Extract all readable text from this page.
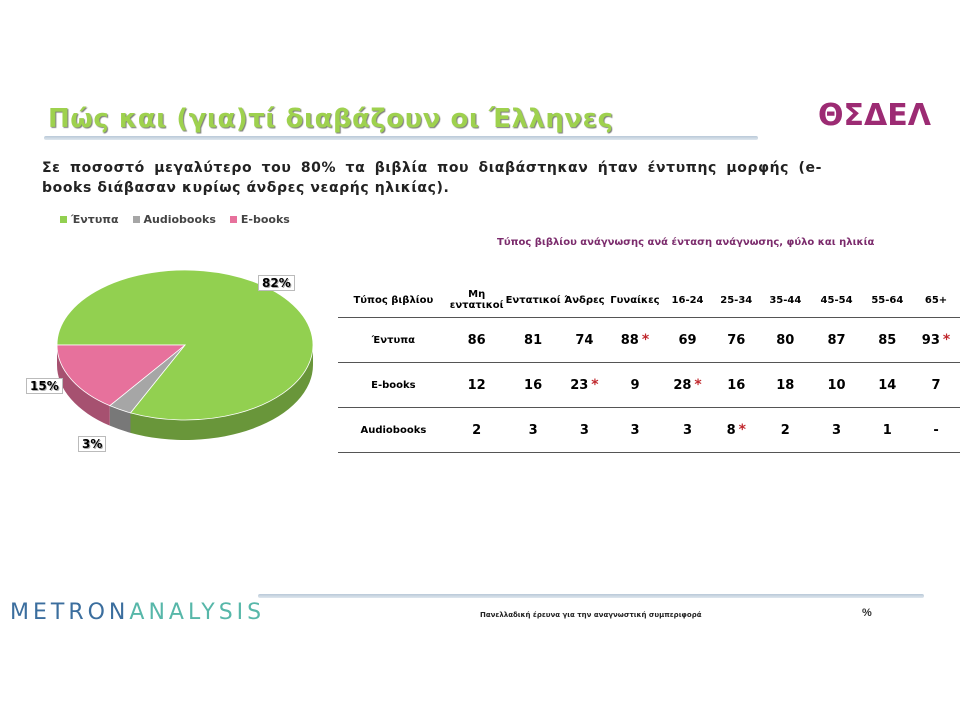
Πώς και (για)τί διαβάζουν οι Έλληνες	ΘΣΔΕΛ
Σε ποσοστό μεγαλύτερο του 80% τα βιβλία που διαβάστηκαν ήταν έντυπης μορφής (e-books διάβασαν κυρίως άνδρες νεαρής ηλικίας).
Έντυπα Audiobooks E-books
82%
15%
3%
Τύπος βιβλίου ανάγνωσης ανά ένταση ανάγνωσης, φύλο και ηλικία
Τύπος βιβλίου	Μη εντατικοί	Εντατικοί	Άνδρες	Γυναίκες	16-24	25-34	35-44	45-54	55-64	65+
Έντυπα	86	81	74	88 *	69	76	80	87	85	93 *
E-books	12	16	23 *	9	28 *	16	18	10	14	7
Audiobooks	2	3	3	3	3	8 *	2	3	1	-
METRONANALYSIS	Πανελλαδική έρευνα για την αναγνωστική συμπεριφορά	%
